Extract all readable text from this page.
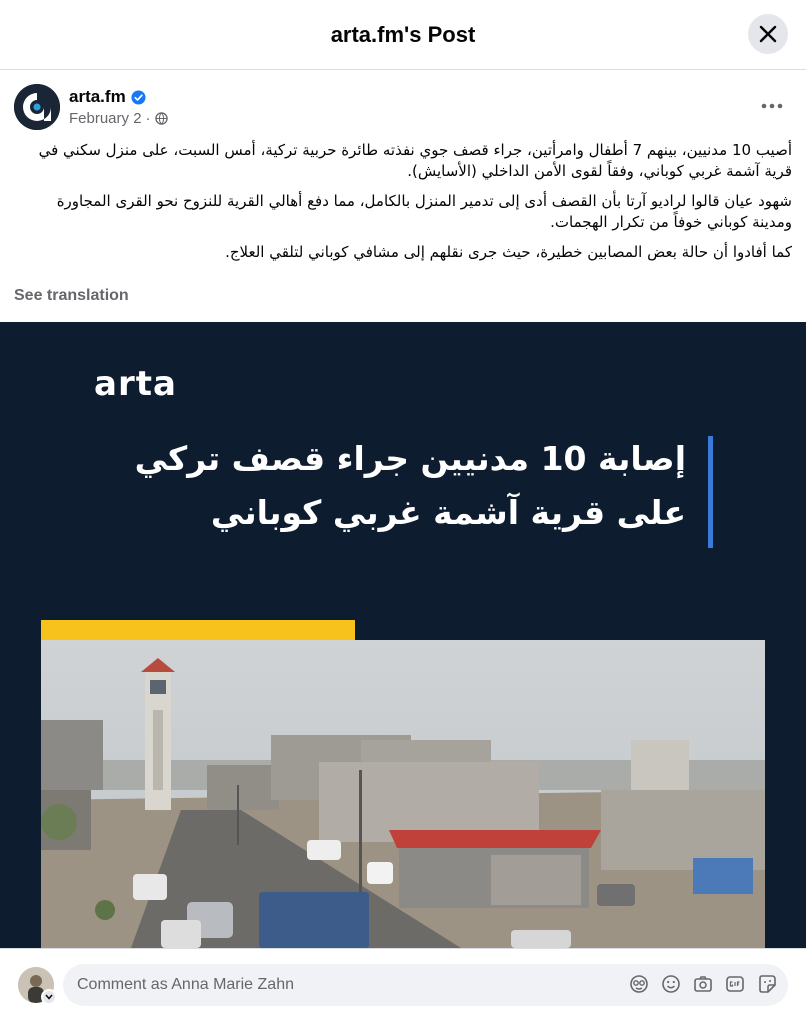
arta.fm's Post
arta.fm
February 2 ·

أصيب 10 مدنيين، بينهم 7 أطفال وامرأتين، جراء قصف جوي نفذته طائرة حربية تركية، أمس السبت، على منزل سكني في قرية آشمة غربي كوباني، وفقاً لقوى الأمن الداخلي (الأسايش).

شهود عيان قالوا لراديو آرتا بأن القصف أدى إلى تدمير المنزل بالكامل، مما دفع أهالي القرية للنزوح نحو القرى المجاورة ومدينة كوباني خوفاً من تكرار الهجمات.

كما أفادوا أن حالة بعض المصابين خطيرة، حيث جرى نقلهم إلى مشافي كوباني لتلقي العلاج.

See translation
arta
إصابة 10 مدنيين جراء قصف تركي
على قرية آشمة غربي كوباني
Comment as Anna Marie Zahn
